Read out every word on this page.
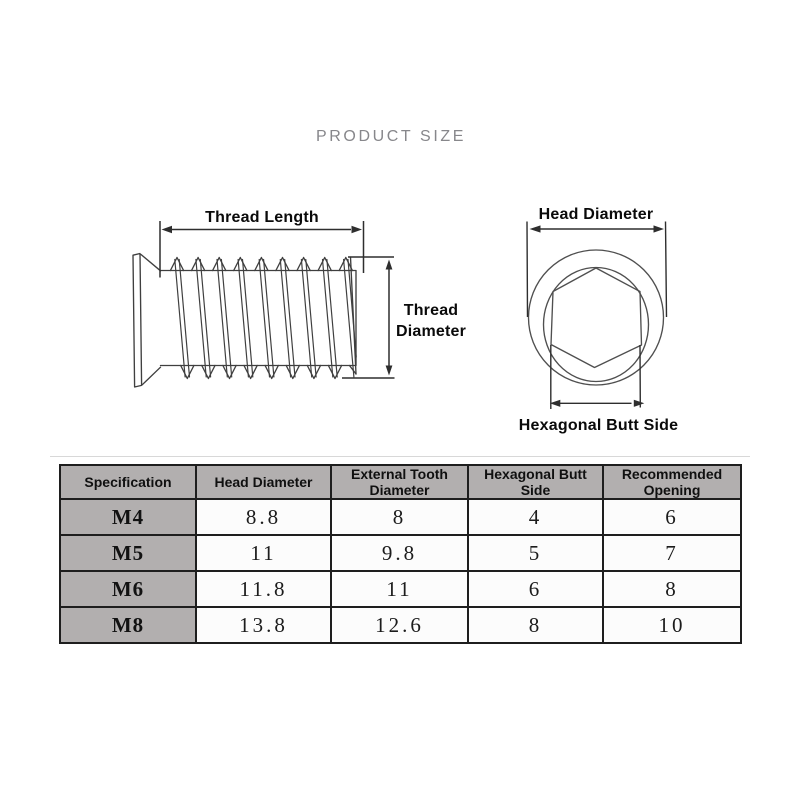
PRODUCT SIZE
Thread Length
Thread Diameter
Head Diameter
Hexagonal Butt Side
Specification	Head Diameter	External Tooth Diameter	Hexagonal Butt Side	Recommended Opening
M4	8.8	8	4	6
M5	11	9.8	5	7
M6	11.8	11	6	8
M8	13.8	12.6	8	10
